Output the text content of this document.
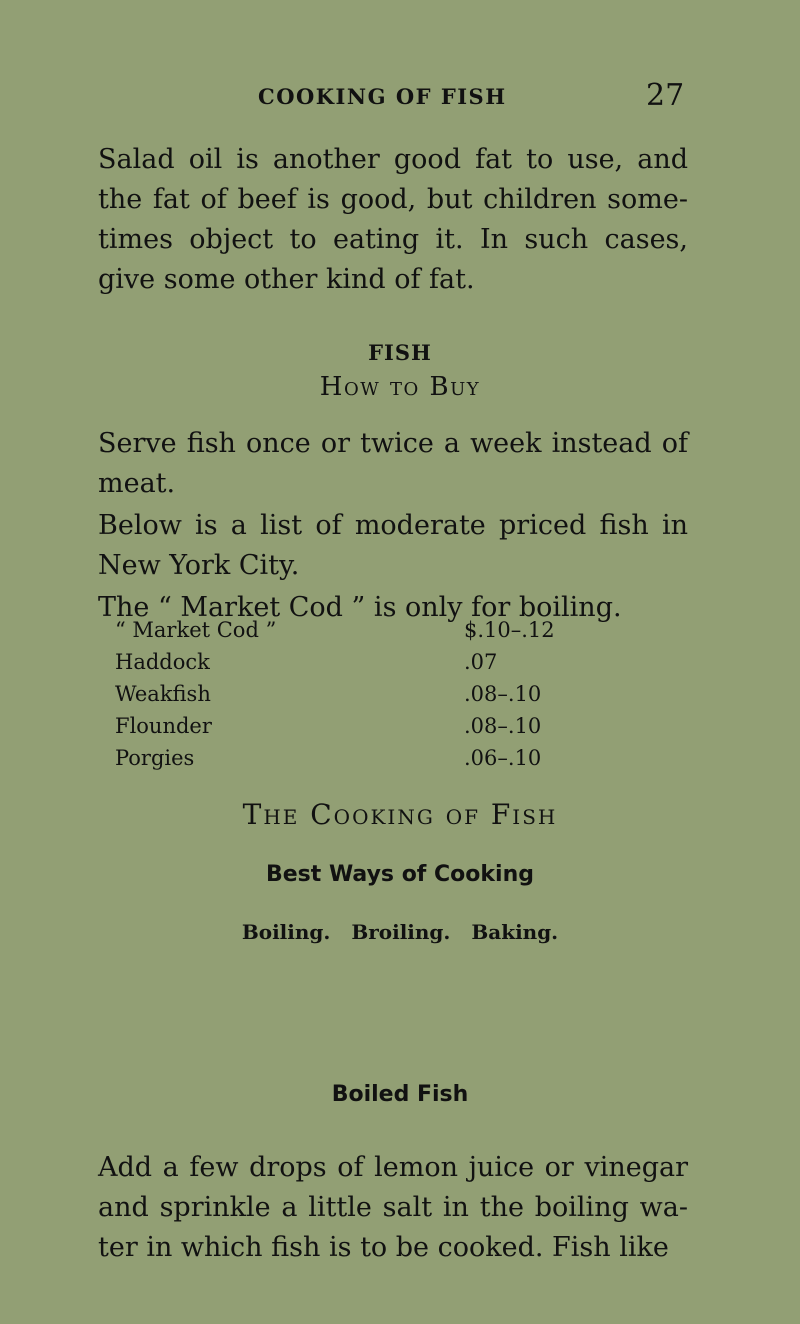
COOKING OF FISH	27

Salad oil is another good fat to use, and the fat of beef is good, but children some-times object to eating it. In such cases, give some other kind of fat.

FISH

How to Buy

Serve fish once or twice a week instead of meat.

Below is a list of moderate priced fish in New York City.

The “ Market Cod ” is only for boiling.

“ Market Cod ”	$.10–.12
Haddock	.07
Weakfish	.08–.10
Flounder	.08–.10
Porgies	.06–.10

The Cooking of Fish

Best Ways of Cooking

Boiling. Broiling. Baking.

Boiled Fish

Add a few drops of lemon juice or vinegar and sprinkle a little salt in the boiling wa-ter in which fish is to be cooked. Fish like
